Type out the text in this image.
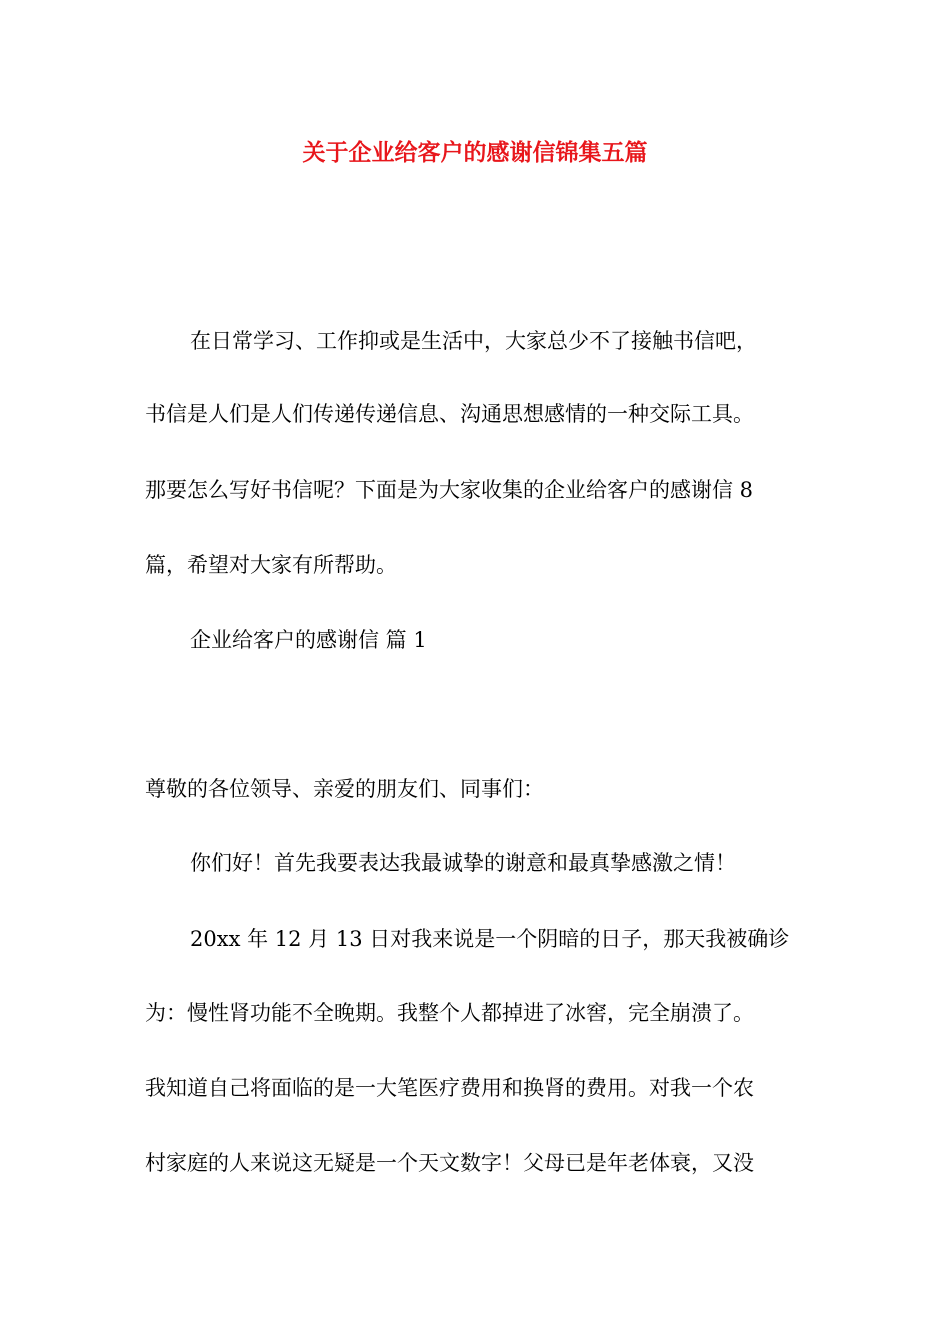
关于企业给客户的感谢信锦集五篇

在日常学习、工作抑或是生活中，大家总少不了接触书信吧，

书信是人们是人们传递传递信息、沟通思想感情的一种交际工具。

那要怎么写好书信呢？下面是为大家收集的企业给客户的感谢信 8

篇，希望对大家有所帮助。

企业给客户的感谢信 篇 1

尊敬的各位领导、亲爱的朋友们、同事们：

你们好！首先我要表达我最诚挚的谢意和最真挚感激之情！

20xx 年 12 月 13 日对我来说是一个阴暗的日子，那天我被确诊

为：慢性肾功能不全晚期。我整个人都掉进了冰窖，完全崩溃了。

我知道自己将面临的是一大笔医疗费用和换肾的费用。对我一个农

村家庭的人来说这无疑是一个天文数字！父母已是年老体衰，又没
